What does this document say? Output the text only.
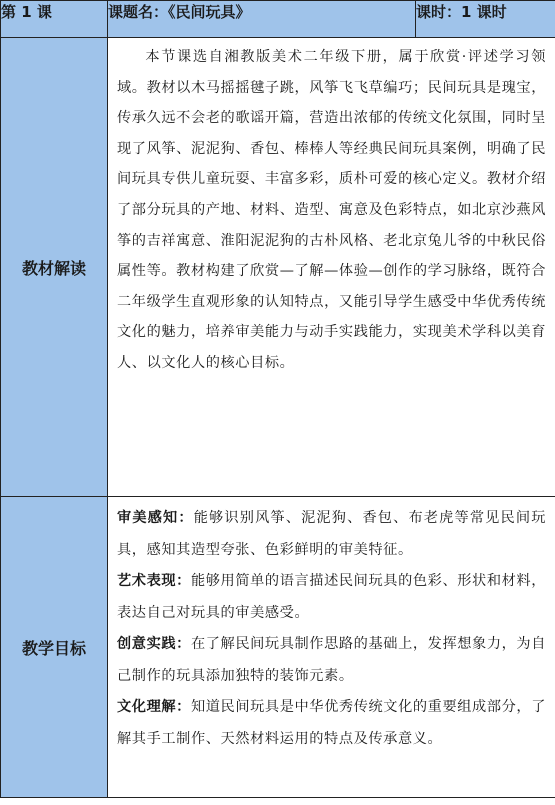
第 1 课	课题名：《民间玩具》	课时：1 课时
教材解读	本节课选自湘教版美术二年级下册，属于欣赏·评述学习领域。教材以木马摇摇毽子跳，风筝飞飞草编巧；民间玩具是瑰宝，传承久远不会老的歌谣开篇，营造出浓郁的传统文化氛围，同时呈现了风筝、泥泥狗、香包、棒棒人等经典民间玩具案例，明确了民间玩具专供儿童玩耍、丰富多彩，质朴可爱的核心定义。教材介绍了部分玩具的产地、材料、造型、寓意及色彩特点，如北京沙燕风筝的吉祥寓意、淮阳泥泥狗的古朴风格、老北京兔儿爷的中秋民俗属性等。教材构建了欣赏—了解—体验—创作的学习脉络，既符合二年级学生直观形象的认知特点，又能引导学生感受中华优秀传统文化的魅力，培养审美能力与动手实践能力，实现美术学科以美育人、以文化人的核心目标。	

教学目标	审美感知：能够识别风筝、泥泥狗、香包、布老虎等常见民间玩具，感知其造型夸张、色彩鲜明的审美特征。

艺术表现：能够用简单的语言描述民间玩具的色彩、形状和材料，表达自己对玩具的审美感受。

创意实践：在了解民间玩具制作思路的基础上，发挥想象力，为自己制作的玩具添加独特的装饰元素。

文化理解：知道民间玩具是中华优秀传统文化的重要组成部分，了解其手工制作、天然材料运用的特点及传承意义。	
